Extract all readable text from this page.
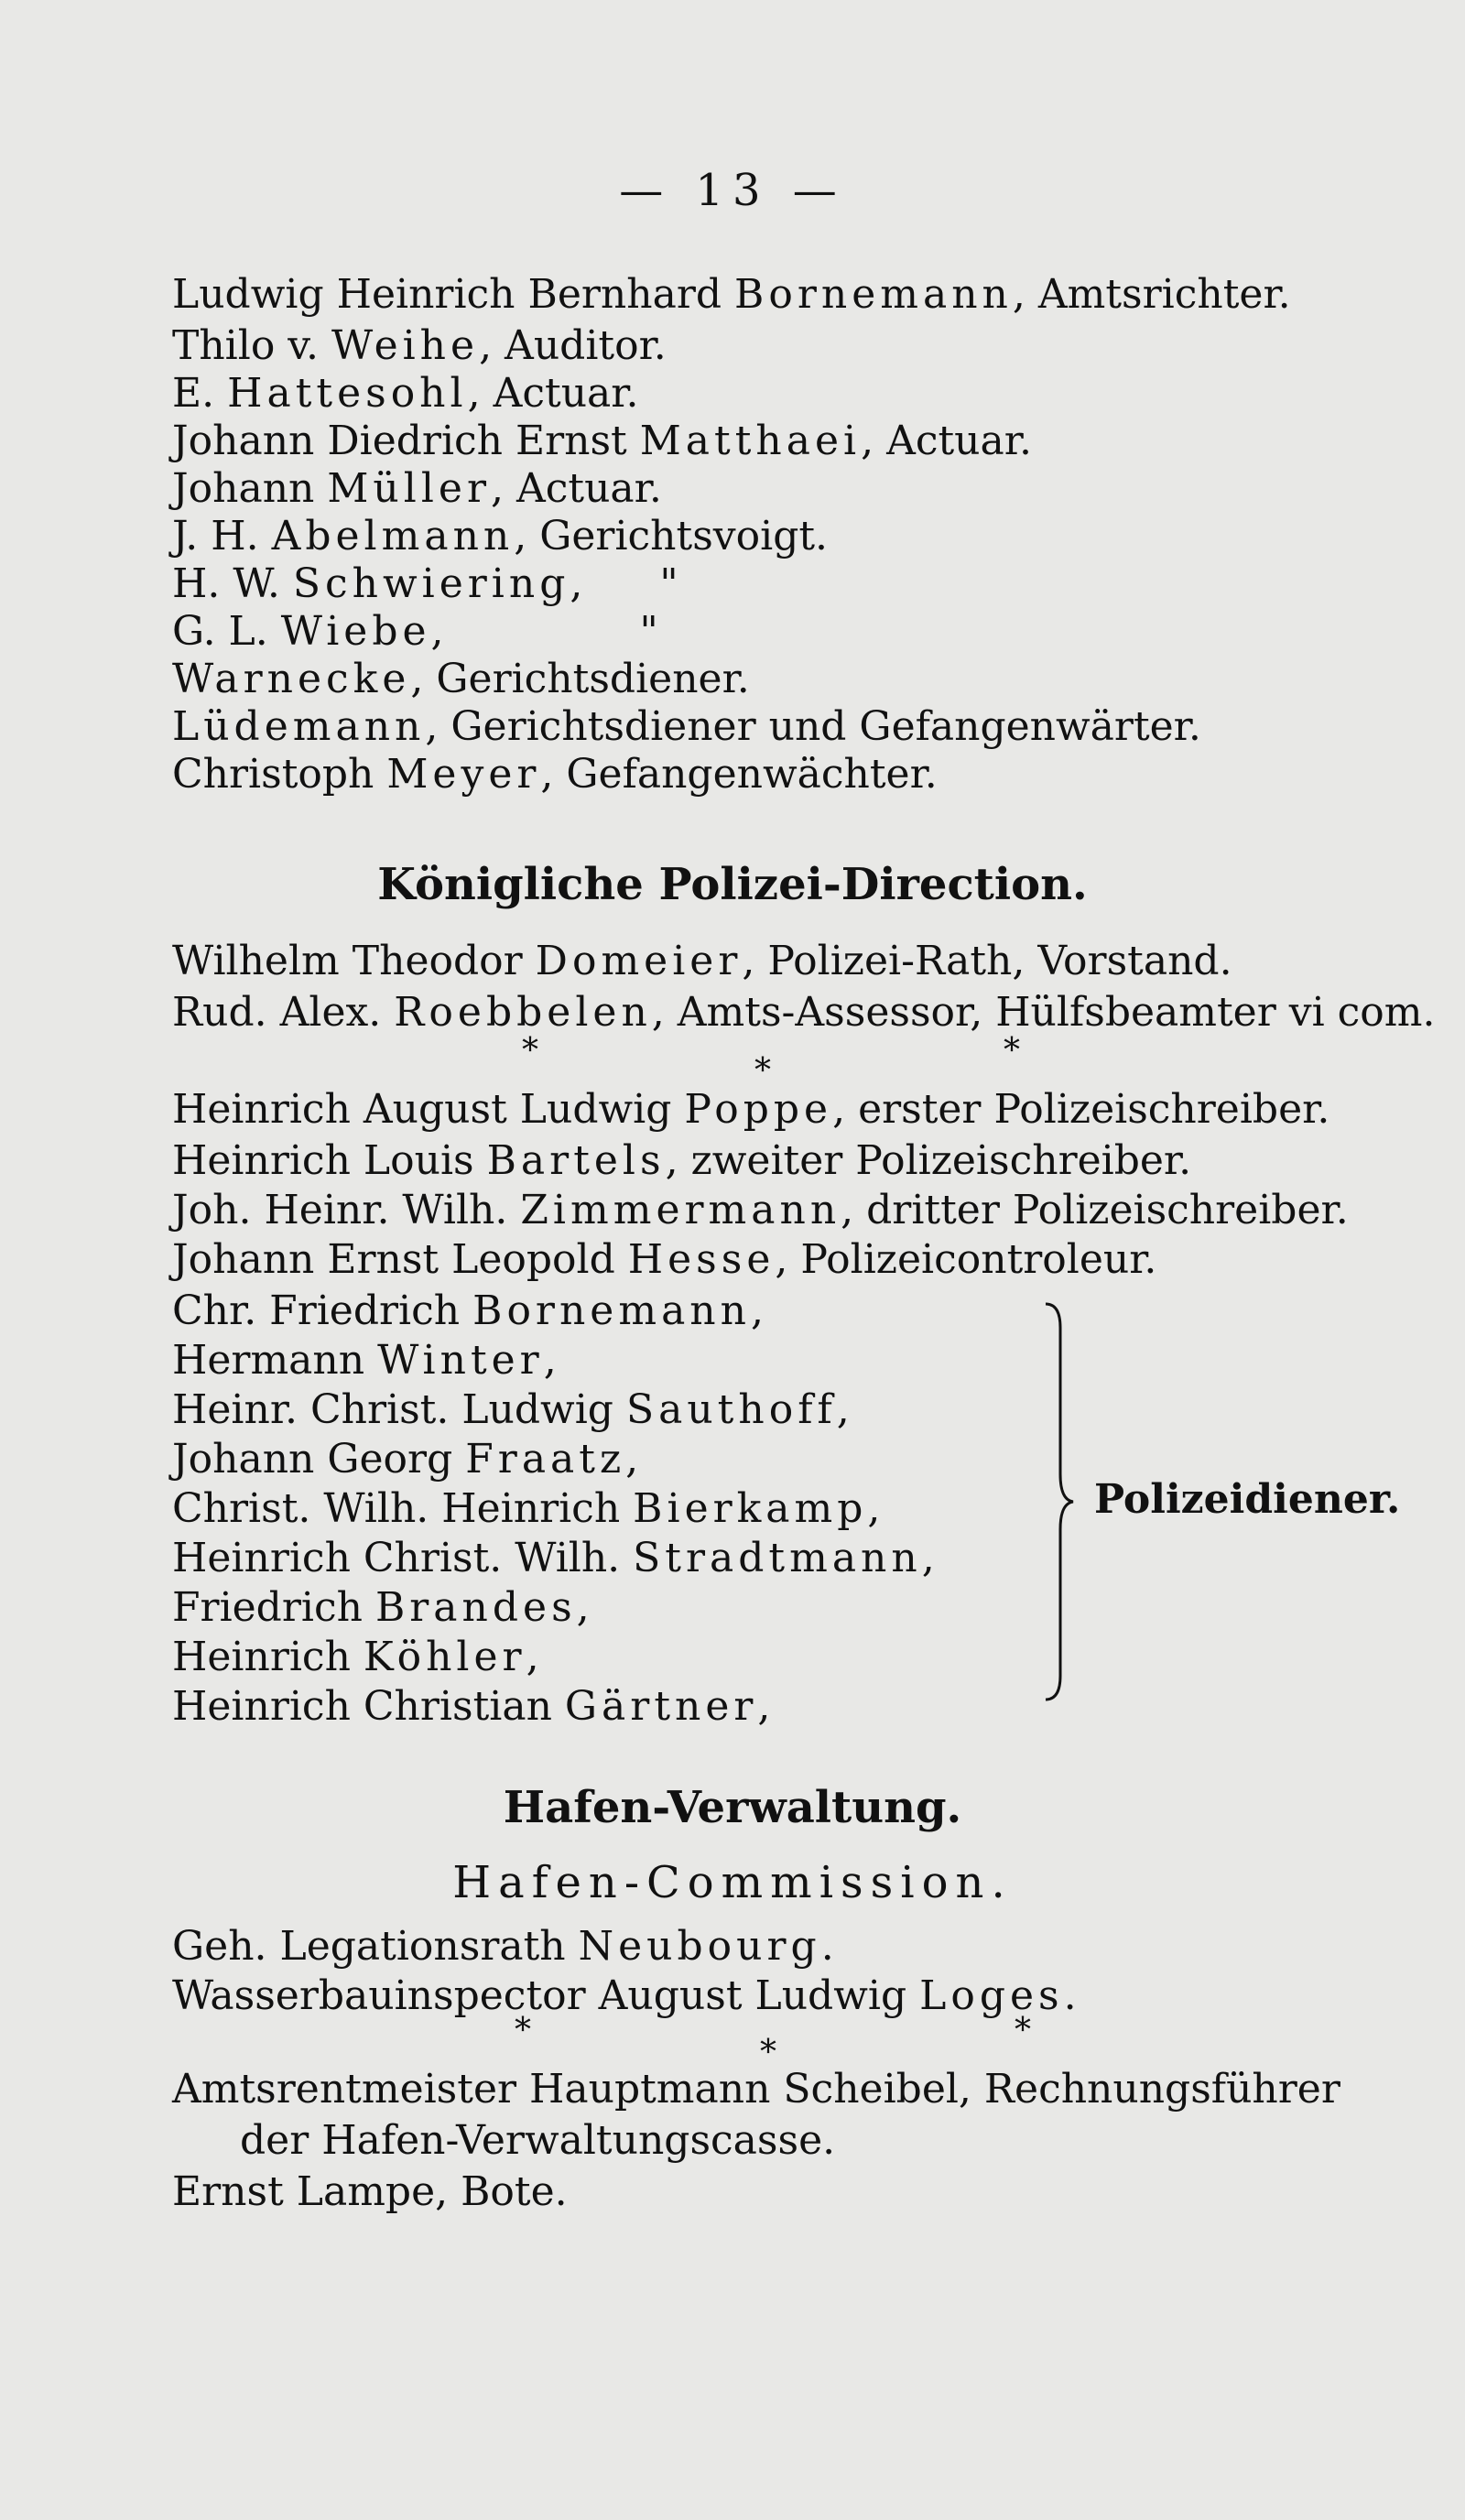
— 13 —
Ludwig Heinrich Bernhard Bornemann, Amtsrichter.
Thilo v. Weihe, Auditor.
E. Hattesohl, Actuar.
Johann Diedrich Ernst Matthaei, Actuar.
Johann Müller, Actuar.
J. H. Abelmann, Gerichtsvoigt.
H. W. Schwiering, "
G. L. Wiebe,	"
Warnecke, Gerichtsdiener.
Lüdemann, Gerichtsdiener und Gefangenwärter.
Christoph Meyer, Gefangenwächter.
Königliche Polizei-Direction.
Wilhelm Theodor Domeier, Polizei-Rath, Vorstand.
Rud. Alex. Roebbelen, Amts-Assessor, Hülfsbeamter vi com.
*
*
*
Heinrich August Ludwig Poppe, erster Polizeischreiber.
Heinrich Louis Bartels, zweiter Polizeischreiber.
Joh. Heinr. Wilh. Zimmermann, dritter Polizeischreiber.
Johann Ernst Leopold Hesse, Polizeicontroleur.
Chr. Friedrich Bornemann,
Hermann Winter,
Heinr. Christ. Ludwig Sauthoff,
Johann Georg Fraatz,
Christ. Wilh. Heinrich Bierkamp,
Heinrich Christ. Wilh. Stradtmann,
Friedrich Brandes,
Heinrich Köhler,
Heinrich Christian Gärtner,
Polizeidiener.
Hafen-Verwaltung.
Hafen-Commission.
Geh. Legationsrath Neubourg.
Wasserbauinspector August Ludwig Loges.
*
*
*
Amtsrentmeister Hauptmann Scheibel, Rechnungsführer
der Hafen-Verwaltungscasse.
Ernst Lampe, Bote.
